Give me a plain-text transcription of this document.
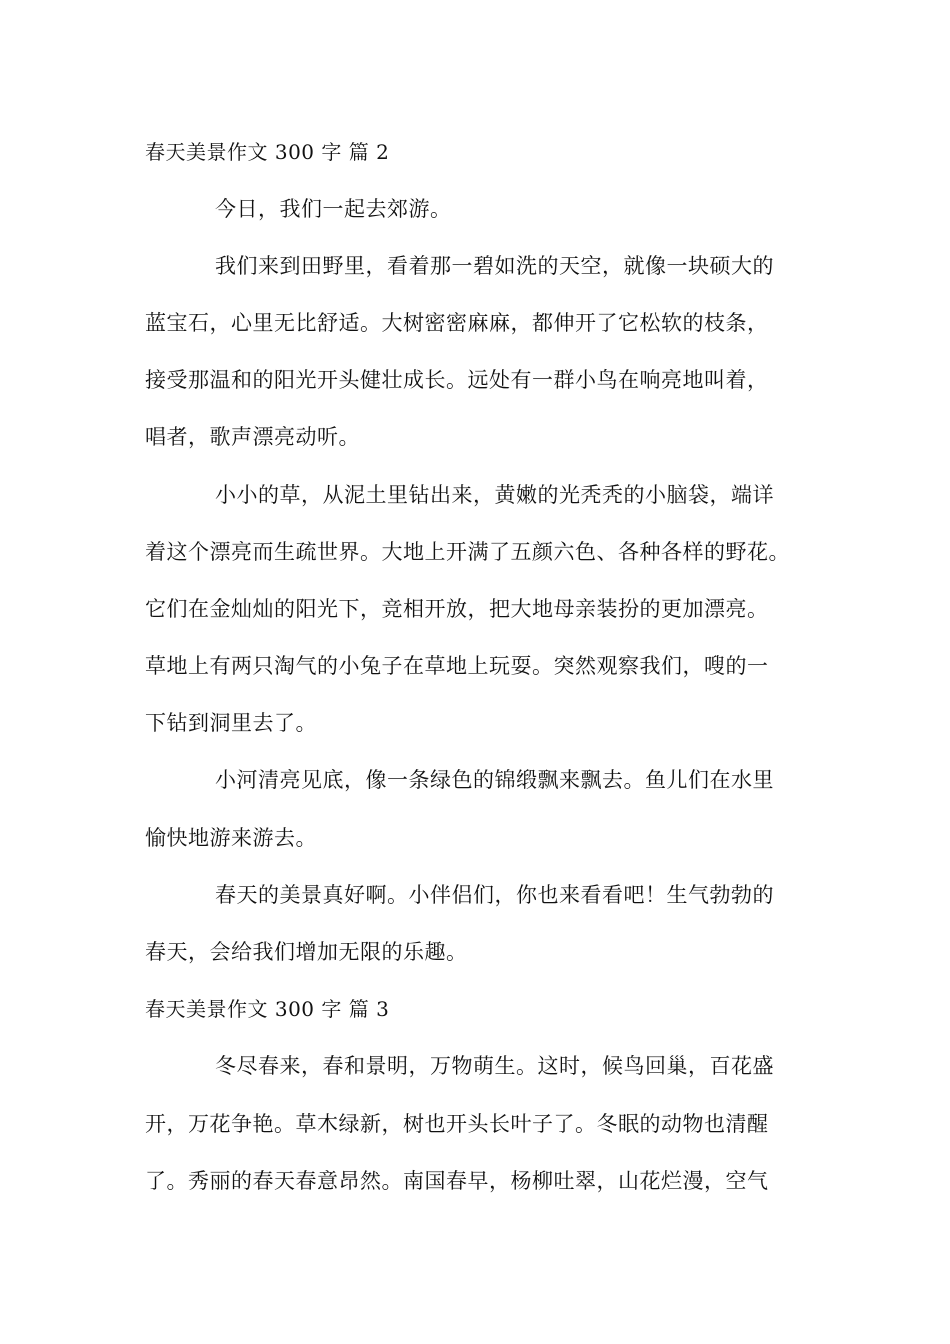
春天美景作文 300 字 篇 2
今日，我们一起去郊游。
我们来到田野里，看着那一碧如洗的天空，就像一块硕大的
蓝宝石，心里无比舒适。大树密密麻麻，都伸开了它松软的枝条，
接受那温和的阳光开头健壮成长。远处有一群小鸟在响亮地叫着，
唱者，歌声漂亮动听。
小小的草，从泥土里钻出来，黄嫩的光秃秃的小脑袋，端详
着这个漂亮而生疏世界。大地上开满了五颜六色、各种各样的野花。
它们在金灿灿的阳光下，竞相开放，把大地母亲装扮的更加漂亮。
草地上有两只淘气的小兔子在草地上玩耍。突然观察我们，嗖的一
下钻到洞里去了。
小河清亮见底，像一条绿色的锦缎飘来飘去。鱼儿们在水里
愉快地游来游去。
春天的美景真好啊。小伴侣们，你也来看看吧！生气勃勃的
春天，会给我们增加无限的乐趣。
春天美景作文 300 字 篇 3
冬尽春来，春和景明，万物萌生。这时，候鸟回巢，百花盛
开，万花争艳。草木绿新，树也开头长叶子了。冬眠的动物也清醒
了。秀丽的春天春意昂然。南国春早，杨柳吐翠，山花烂漫，空气
